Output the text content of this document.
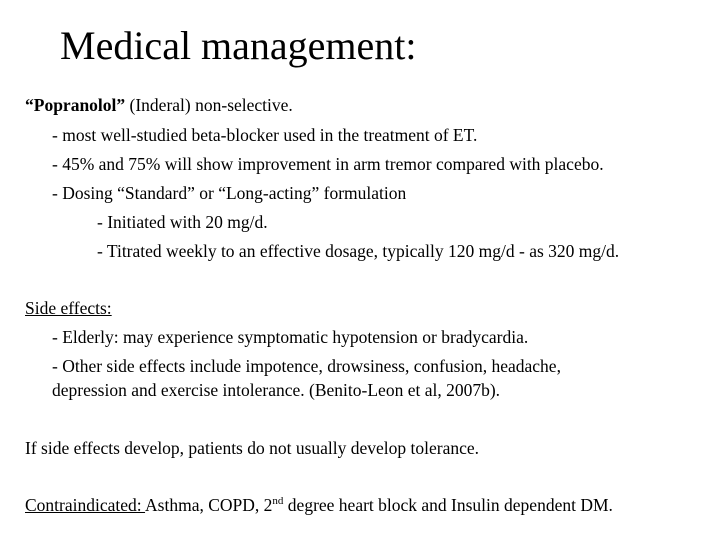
Medical management:
“Popranolol” (Inderal) non-selective.
- most well-studied beta-blocker used in the treatment of ET.
- 45% and 75% will show improvement in arm tremor compared with placebo.
- Dosing “Standard” or “Long-acting” formulation
- Initiated with 20 mg/d.
- Titrated weekly to an effective dosage, typically 120 mg/d - as 320 mg/d.
Side effects:
- Elderly: may experience symptomatic hypotension or bradycardia.
- Other side effects include impotence, drowsiness, confusion, headache,
depression and exercise intolerance. (Benito-Leon et al, 2007b).
If side effects develop, patients do not usually develop tolerance.
Contraindicated: Asthma, COPD, 2nd degree heart block and Insulin dependent DM.
